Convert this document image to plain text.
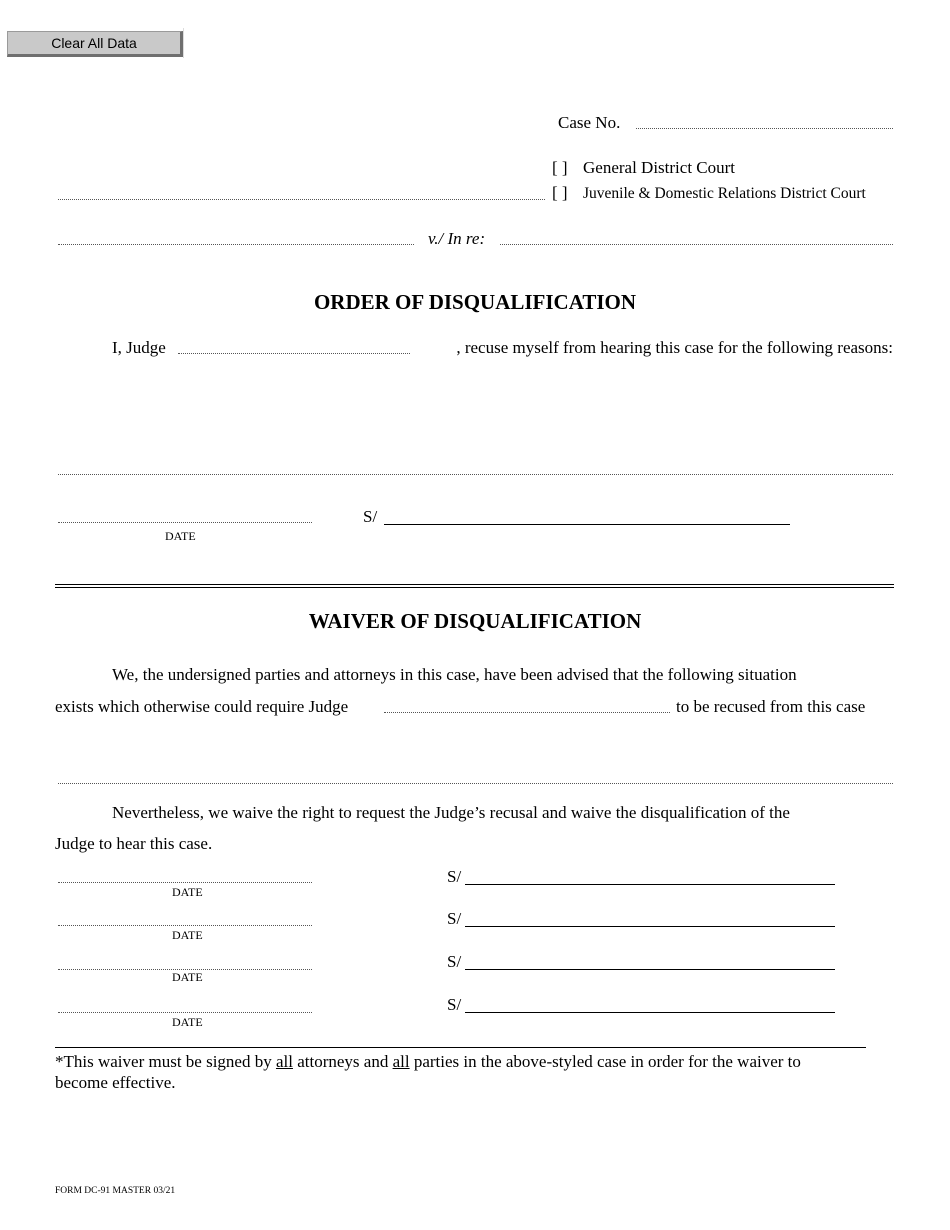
Clear All Data
Case No.
[ ] General District Court
[ ] Juvenile & Domestic Relations District Court
v./ In re:
ORDER OF DISQUALIFICATION
I, Judge	, recuse myself from hearing this case for the following reasons:
DATE
S/
WAIVER OF DISQUALIFICATION
We, the undersigned parties and attorneys in this case, have been advised that the following situation
exists which otherwise could require Judge	to be recused from this case
Nevertheless, we waive the right to request the Judge’s recusal and waive the disqualification of the
Judge to hear this case.
DATE
S/
DATE
S/
DATE
S/
DATE
S/
*This waiver must be signed by all attorneys and all parties in the above-styled case in order for the waiver to
become effective.
FORM DC-91 MASTER 03/21
